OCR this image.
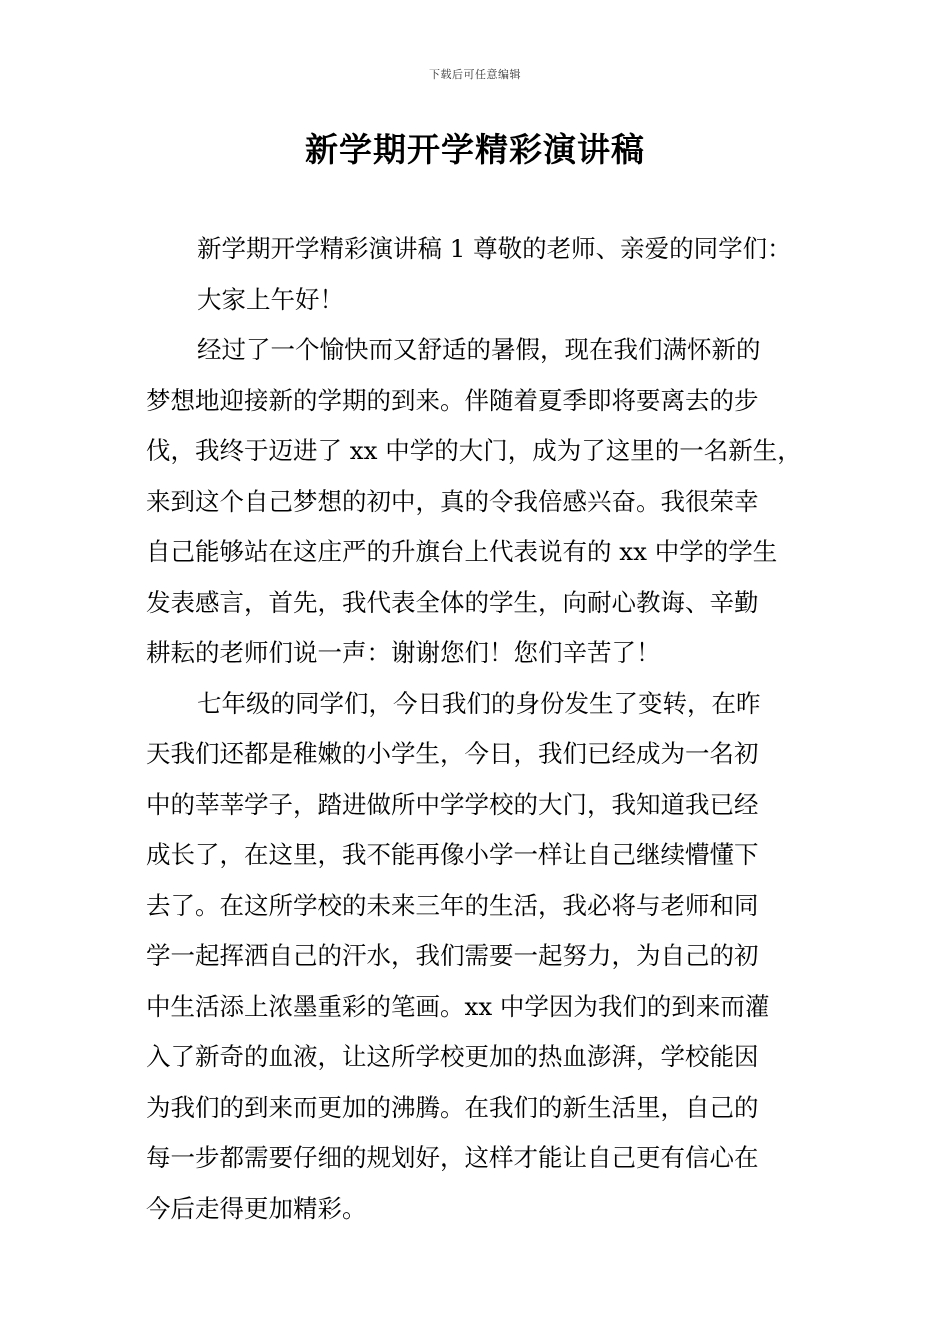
下载后可任意编辑
新学期开学精彩演讲稿
新学期开学精彩演讲稿 1 尊敬的老师、亲爱的同学们：
大家上午好！
经过了一个愉快而又舒适的暑假，现在我们满怀新的
梦想地迎接新的学期的到来。伴随着夏季即将要离去的步
伐，我终于迈进了 xx 中学的大门，成为了这里的一名新生，
来到这个自己梦想的初中，真的令我倍感兴奋。我很荣幸
自己能够站在这庄严的升旗台上代表说有的 xx 中学的学生
发表感言，首先，我代表全体的学生，向耐心教诲、辛勤
耕耘的老师们说一声：谢谢您们！您们辛苦了！
七年级的同学们，今日我们的身份发生了变转，在昨
天我们还都是稚嫩的小学生，今日，我们已经成为一名初
中的莘莘学子，踏进做所中学学校的大门，我知道我已经
成长了，在这里，我不能再像小学一样让自己继续懵懂下
去了。在这所学校的未来三年的生活，我必将与老师和同
学一起挥洒自己的汗水，我们需要一起努力，为自己的初
中生活添上浓墨重彩的笔画。xx 中学因为我们的到来而灌
入了新奇的血液，让这所学校更加的热血澎湃，学校能因
为我们的到来而更加的沸腾。在我们的新生活里，自己的
每一步都需要仔细的规划好，这样才能让自己更有信心在
今后走得更加精彩。
